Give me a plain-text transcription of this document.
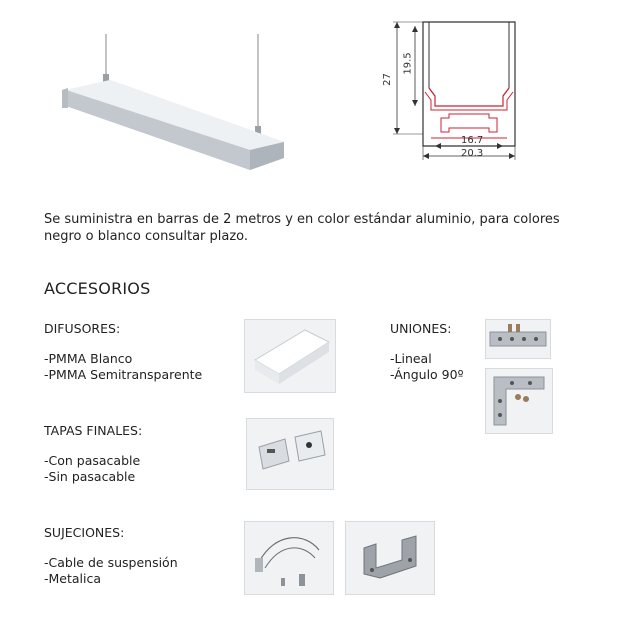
27
19.5
16.7
20.3
Se suministra en barras de 2 metros y en color estándar aluminio, para colores
negro o blanco consultar plazo.
ACCESORIOS
DIFUSORES:
-PMMA Blanco
-PMMA Semitransparente
UNIONES:
-Lineal
-Ángulo 90º
TAPAS FINALES:
-Con pasacable
-Sin pasacable
SUJECIONES:
-Cable de suspensión
-Metalica
